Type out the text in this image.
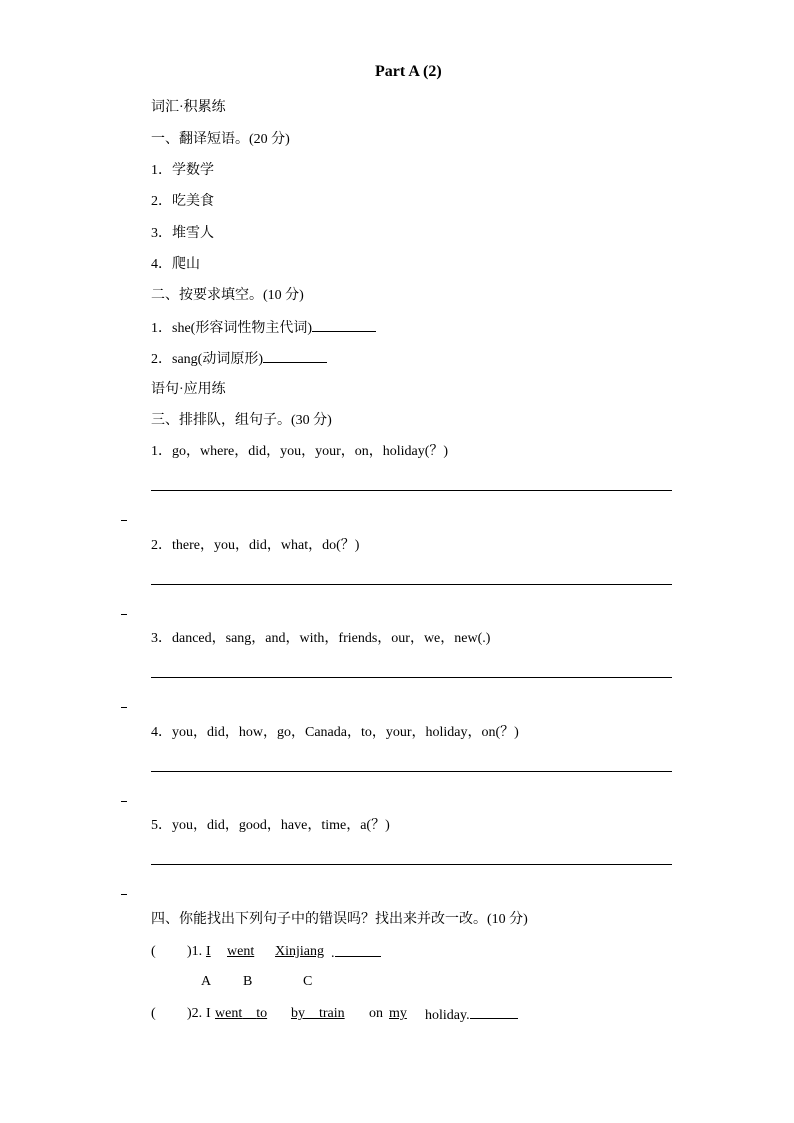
Part A (2)
词汇·积累练
一、翻译短语。(20 分)
1．学数学
2．吃美食
3．堆雪人
4．爬山
二、按要求填空。(10 分)
1．she(形容词性物主代词)
2．sang(动词原形)
语句·应用练
三、排排队，组句子。(30 分)
1．go，where，did，you，your，on，holiday(？)
2．there，you，did，what，do(？)
3．danced，sang，and，with，friends，our，we，new(.)
4．you，did，how，go，Canada，to，your，holiday，on(？)
5．you，did，good，have，time，a(？)
四、你能找出下列句子中的错误吗？找出来并改一改。(10 分)
( )1. I went Xinjiang .
A B	C
( )2. I went to by train on my holiday.
